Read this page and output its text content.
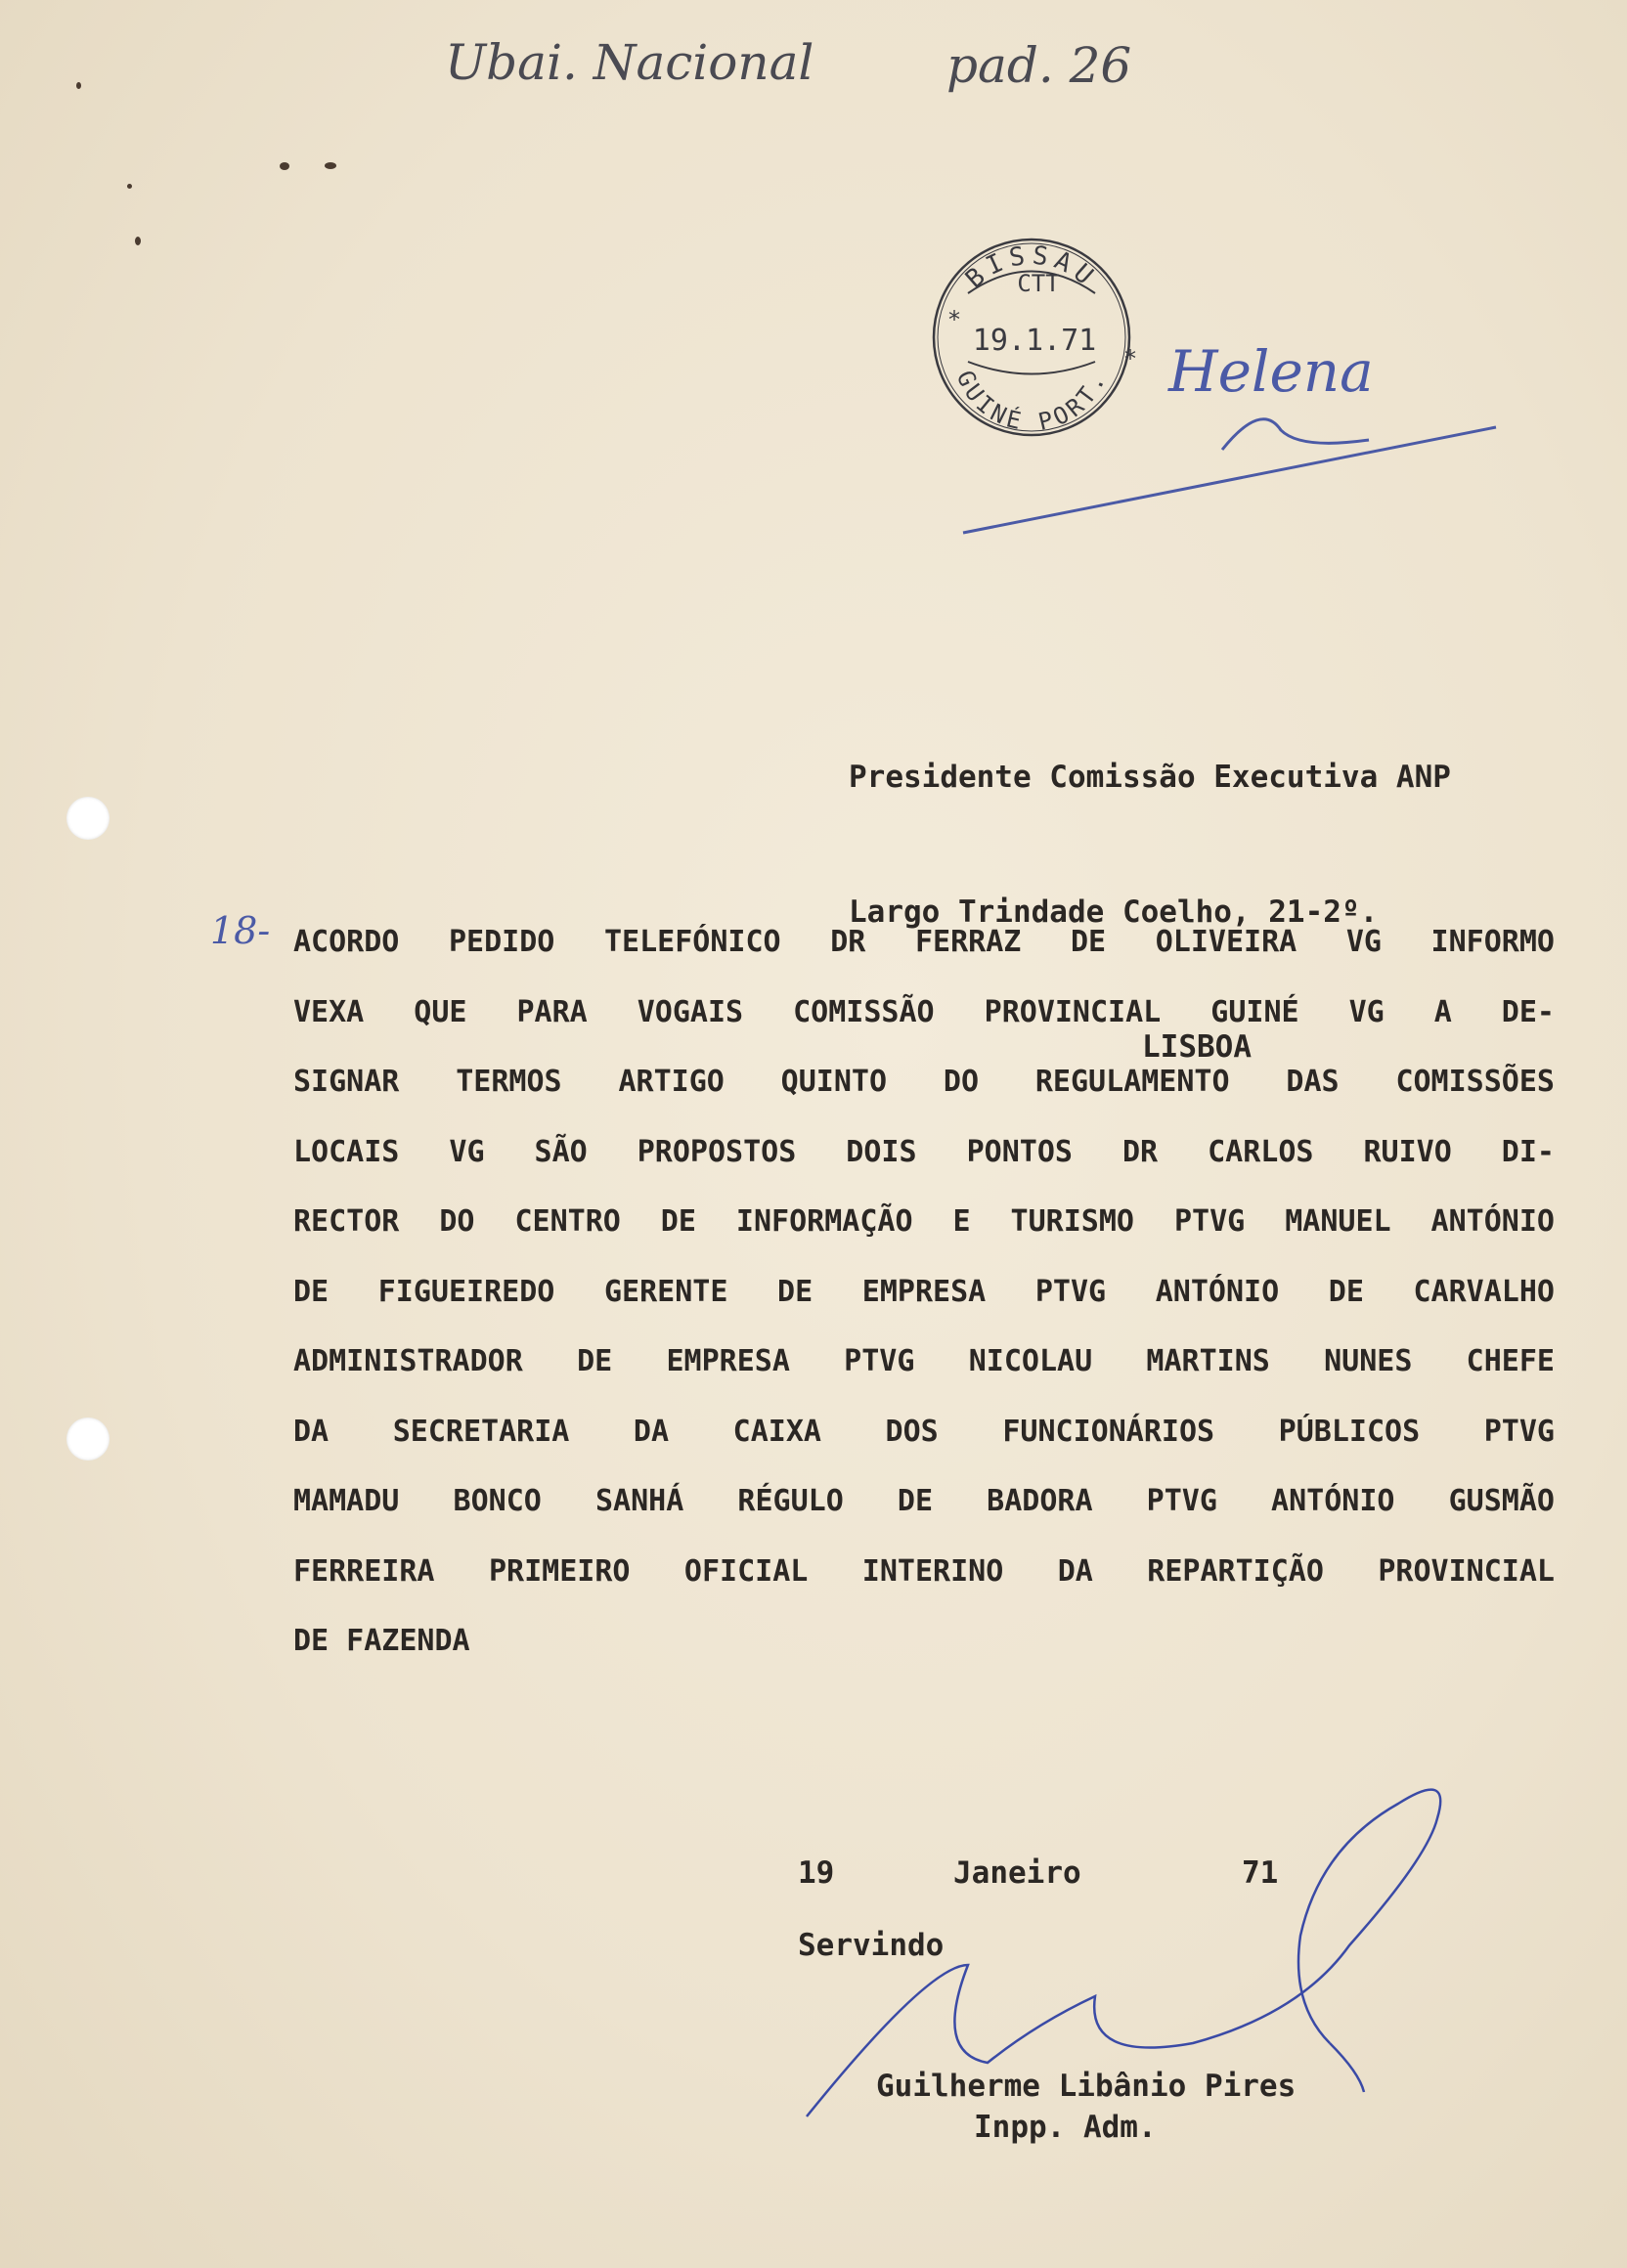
Ubai. Nacional	pad. 26
BISSAU
GUINÉ PORT.
CTT
19.1.71
*
* Helena

Presidente Comissão Executiva ANP

Largo Trindade Coelho, 21-2º.

LISBOA

18- ACORDO PEDIDO TELEFÓNICO DR FERRAZ DE OLIVEIRA VG INFORMO
VEXA QUE PARA VOGAIS COMISSÃO PROVINCIAL GUINÉ VG A DE-
SIGNAR TERMOS ARTIGO QUINTO DO REGULAMENTO DAS COMISSÕES
LOCAIS VG SÃO PROPOSTOS DOIS PONTOS DR CARLOS RUIVO DI-
RECTOR DO CENTRO DE INFORMAÇÃO E TURISMO PTVG MANUEL ANTÓNIO
DE FIGUEIREDO GERENTE DE EMPRESA PTVG ANTÓNIO DE CARVALHO
ADMINISTRADOR DE EMPRESA PTVG NICOLAU MARTINS NUNES CHEFE
DA SECRETARIA DA CAIXA DOS FUNCIONÁRIOS PÚBLICOS PTVG
MAMADU BONCO SANHÁ RÉGULO DE BADORA PTVG ANTÓNIO GUSMÃO
FERREIRA PRIMEIRO OFICIAL INTERINO DA REPARTIÇÃO PROVINCIAL
DE FAZENDA
19	Janeiro	71
Servindo
Guilherme Libânio Pires
Inpp. Adm.
